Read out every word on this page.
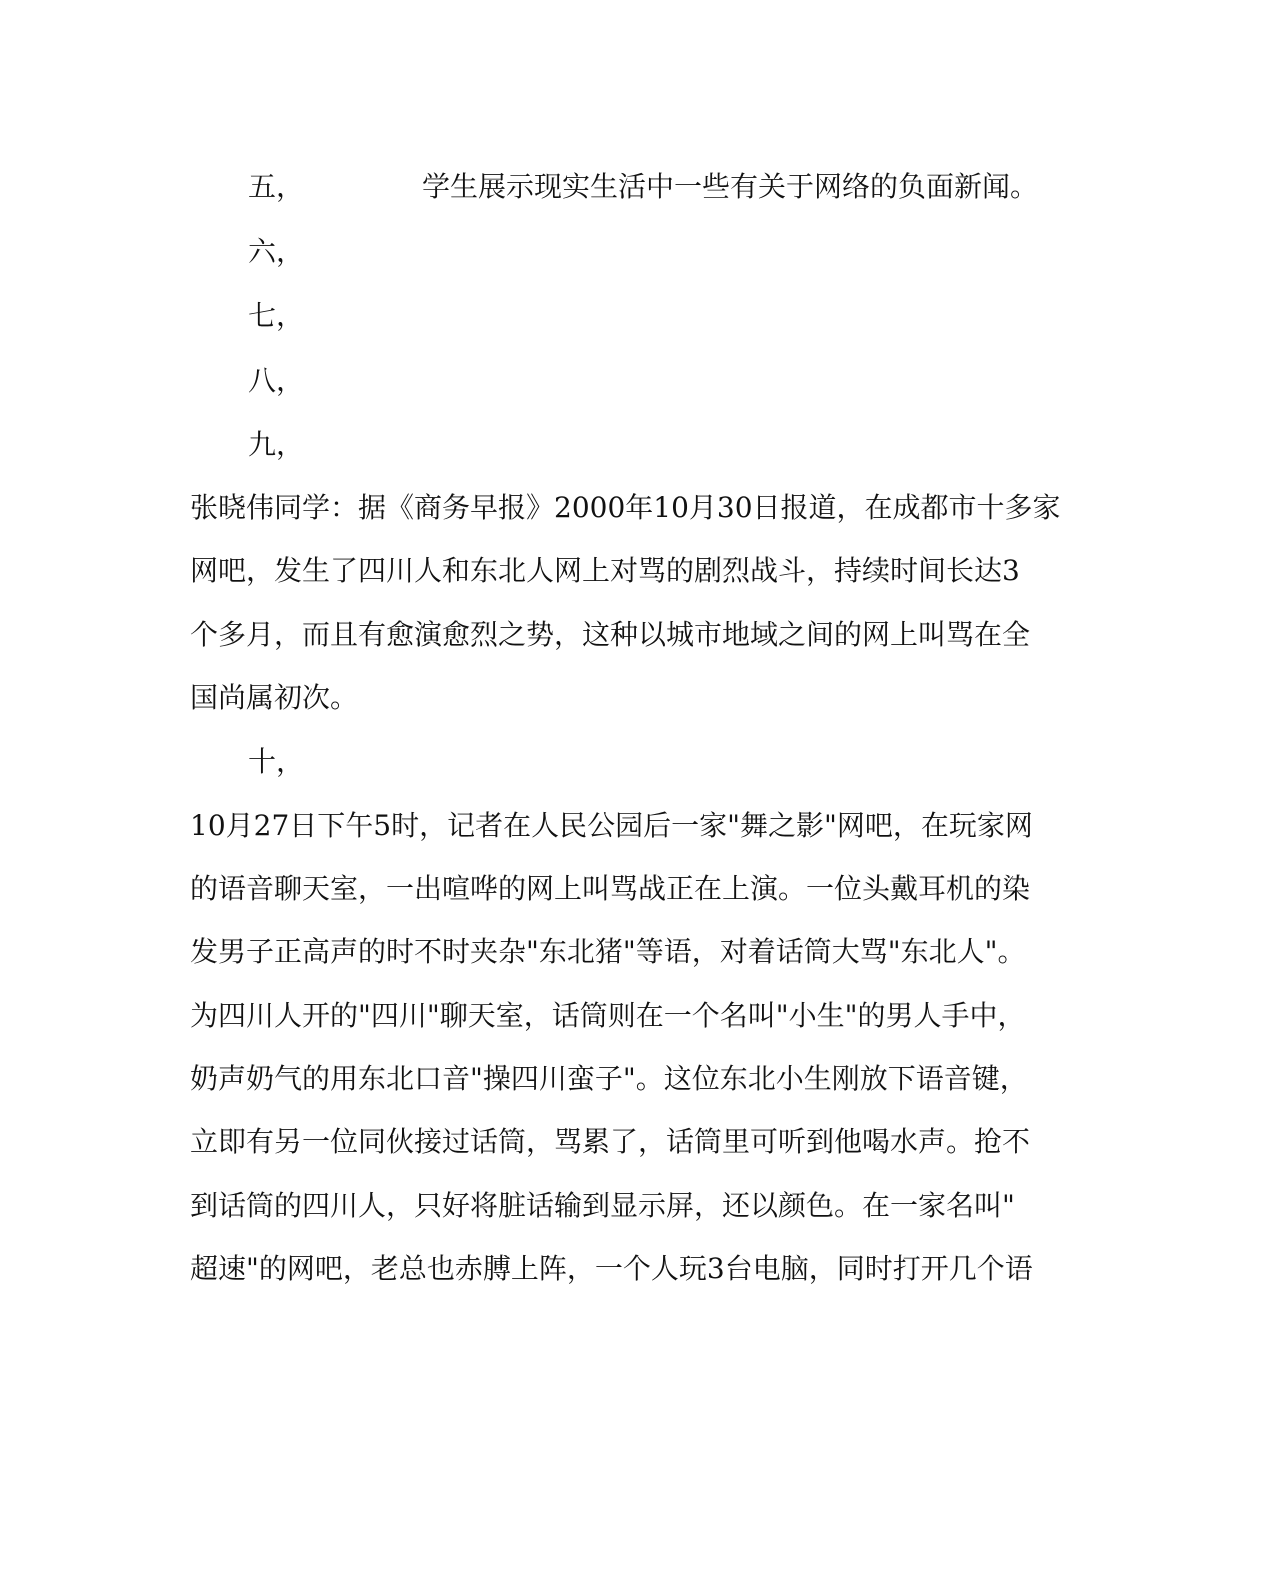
五，	学生展示现实生活中一些有关于网络的负面新闻。
六，
七，
八，
九，
张晓伟同学：据《商务早报》2000年10月30日报道，在成都市十多家
网吧，发生了四川人和东北人网上对骂的剧烈战斗，持续时间长达3
个多月，而且有愈演愈烈之势，这种以城市地域之间的网上叫骂在全
国尚属初次。
十，
10月27日下午5时，记者在人民公园后一家"舞之影"网吧，在玩家网
的语音聊天室，一出喧哗的网上叫骂战正在上演。一位头戴耳机的染
发男子正高声的时不时夹杂"东北猪"等语，对着话筒大骂"东北人"。
为四川人开的"四川"聊天室，话筒则在一个名叫"小生"的男人手中，
奶声奶气的用东北口音"操四川蛮子"。这位东北小生刚放下语音键，
立即有另一位同伙接过话筒，骂累了，话筒里可听到他喝水声。抢不
到话筒的四川人，只好将脏话输到显示屏，还以颜色。在一家名叫"
超速"的网吧，老总也赤膊上阵，一个人玩3台电脑，同时打开几个语
